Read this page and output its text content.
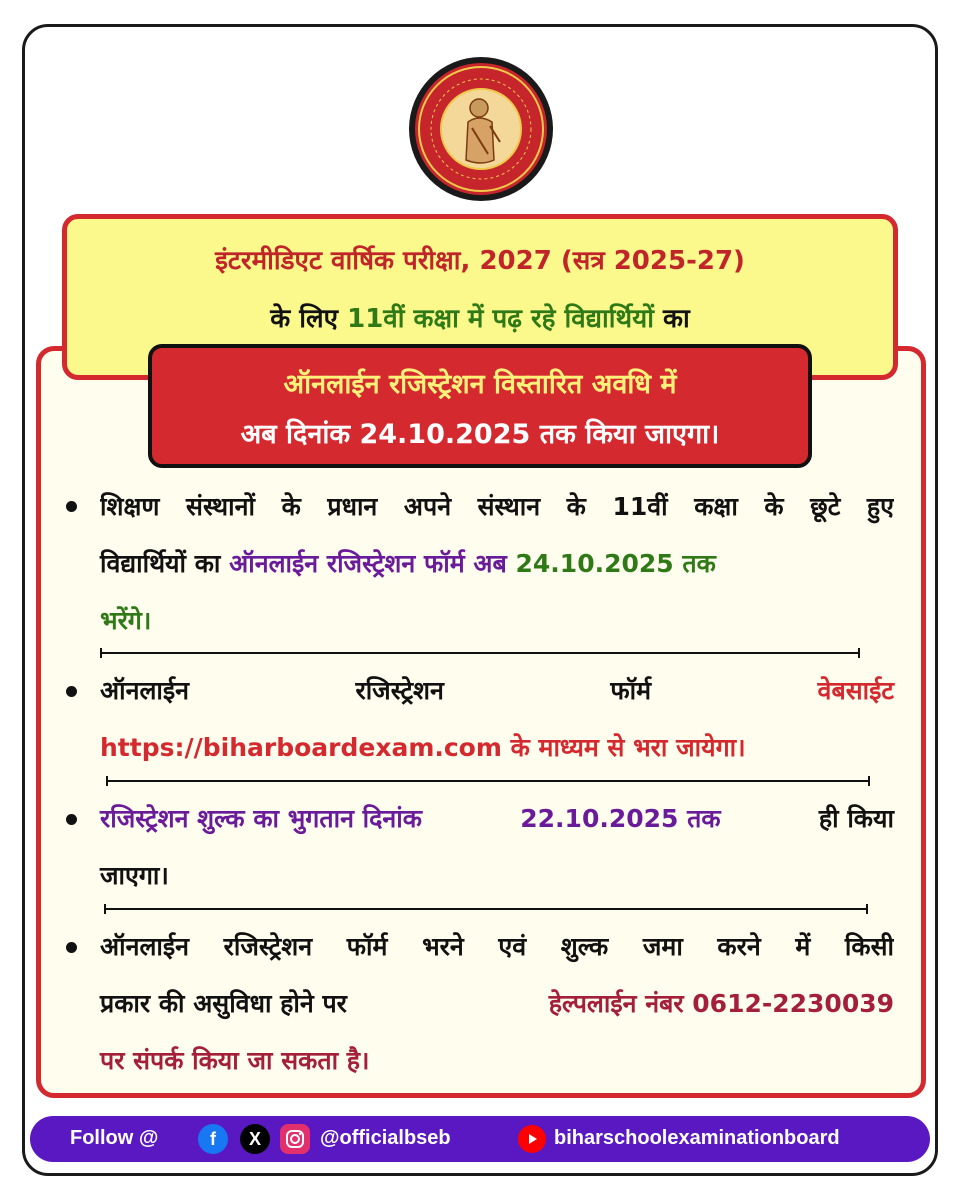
इंटरमीडिएट वार्षिक परीक्षा, 2027 (सत्र 2025-27)
के लिए 11वीं कक्षा में पढ़ रहे विद्यार्थियों का
ऑनलाईन रजिस्ट्रेशन विस्तारित अवधि में
अब दिनांक 24.10.2025 तक किया जाएगा।
शिक्षण संस्थानों के प्रधान अपने संस्थान के 11वीं कक्षा के छूटे हुए
विद्यार्थियों का ऑनलाईन रजिस्ट्रेशन फॉर्म अब 24.10.2025 तक
भरेंगे।
ऑनलाईन	रजिस्ट्रेशन	फॉर्म	वेबसाईट
https://biharboardexam.com के माध्यम से भरा जायेगा।
रजिस्ट्रेशन शुल्क का भुगतान दिनांक	22.10.2025 तक	ही किया
जाएगा।
ऑनलाईन रजिस्ट्रेशन फॉर्म भरने एवं शुल्क जमा करने में किसी
प्रकार की असुविधा होने पर	हेल्पलाईन नंबर 0612-2230039
पर संपर्क किया जा सकता है।
Follow @	f	X	@officialbseb	biharschoolexaminationboard
